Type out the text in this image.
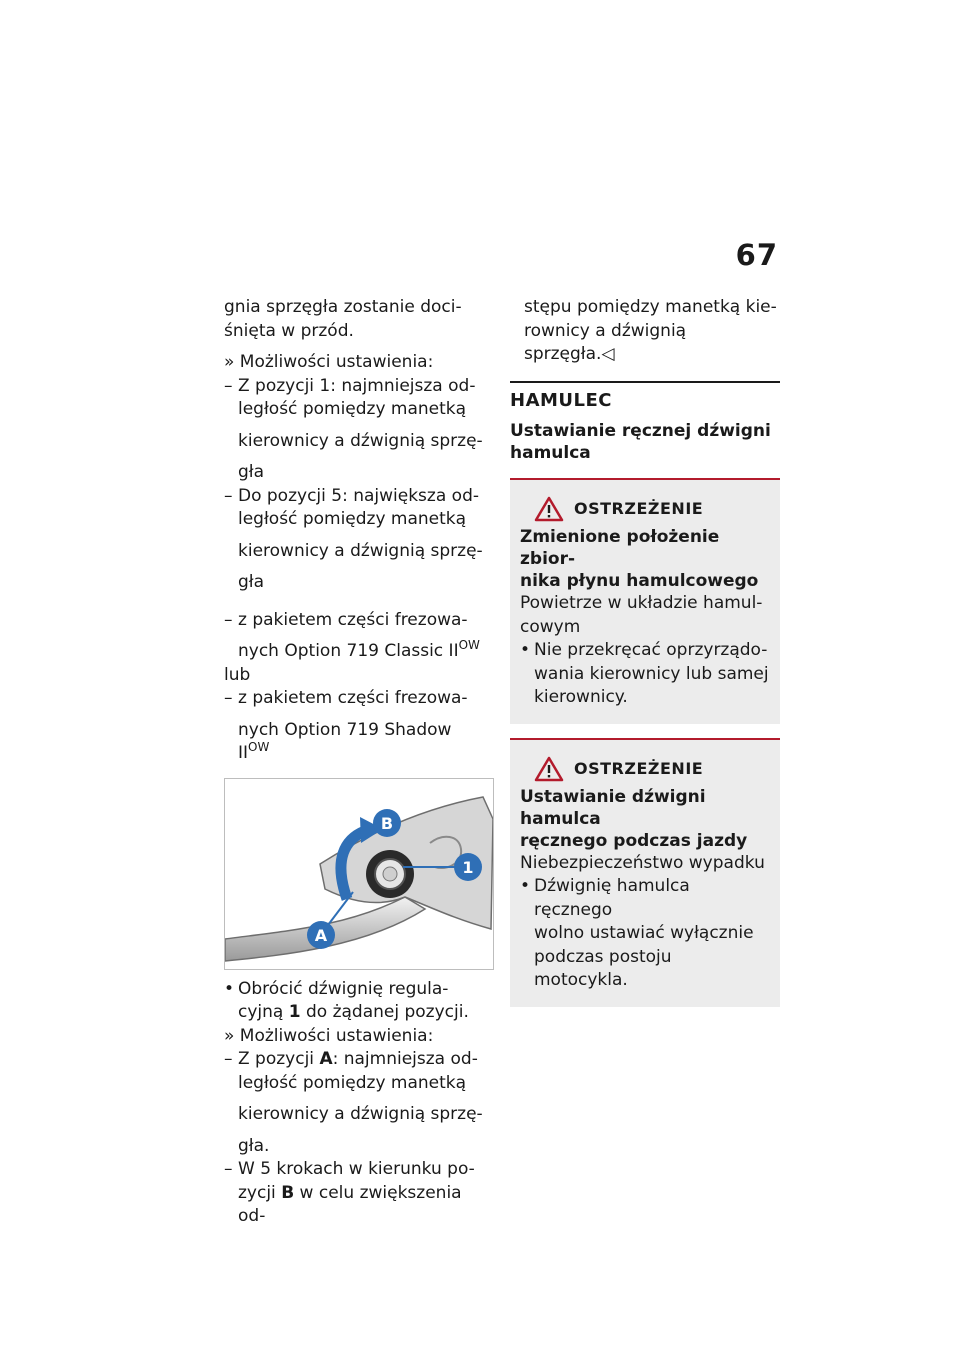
67

gnia sprzęgła zostanie doci-

śnięta w przód.

» Możliwości ustawienia:

– Z pozycji 1: najmniejsza od-

ległość pomiędzy manetką

kierownicy a dźwignią sprzę-

gła

– Do pozycji 5: największa od-

ległość pomiędzy manetką

kierownicy a dźwignią sprzę-

gła

– z pakietem części frezowa-

nych Option 719 Classic $II^{OW}$

lub

– z pakietem części frezowa-

nych Option 719 Shadow

$II^{OW}$

B
1
A
• Obrócić dźwignię regula-

cyjną 1 do żądanej pozycji.

» Możliwości ustawienia:

– Z pozycji A: najmniejsza od-

ległość pomiędzy manetką

kierownicy a dźwignią sprzę-

gła.

– W 5 krokach w kierunku po-

zycji B w celu zwiększenia od-

stępu pomiędzy manetką kie-

rownicy a dźwignią sprzęgła.◁

HAMULEC
Ustawianie ręcznej dźwigni
hamulca
OSTRZEŻENIE
Zmienione położenie zbior-
nika płynu hamulcowego

Powietrze w układzie hamul-

cowym

• Nie przekręcać oprzyrządo-

wania kierownicy lub samej

kierownicy.

OSTRZEŻENIE
Ustawianie dźwigni hamulca
ręcznego podczas jazdy

Niebezpieczeństwo wypadku

• Dźwignię hamulca ręcznego

wolno ustawiać wyłącznie

podczas postoju motocykla.
